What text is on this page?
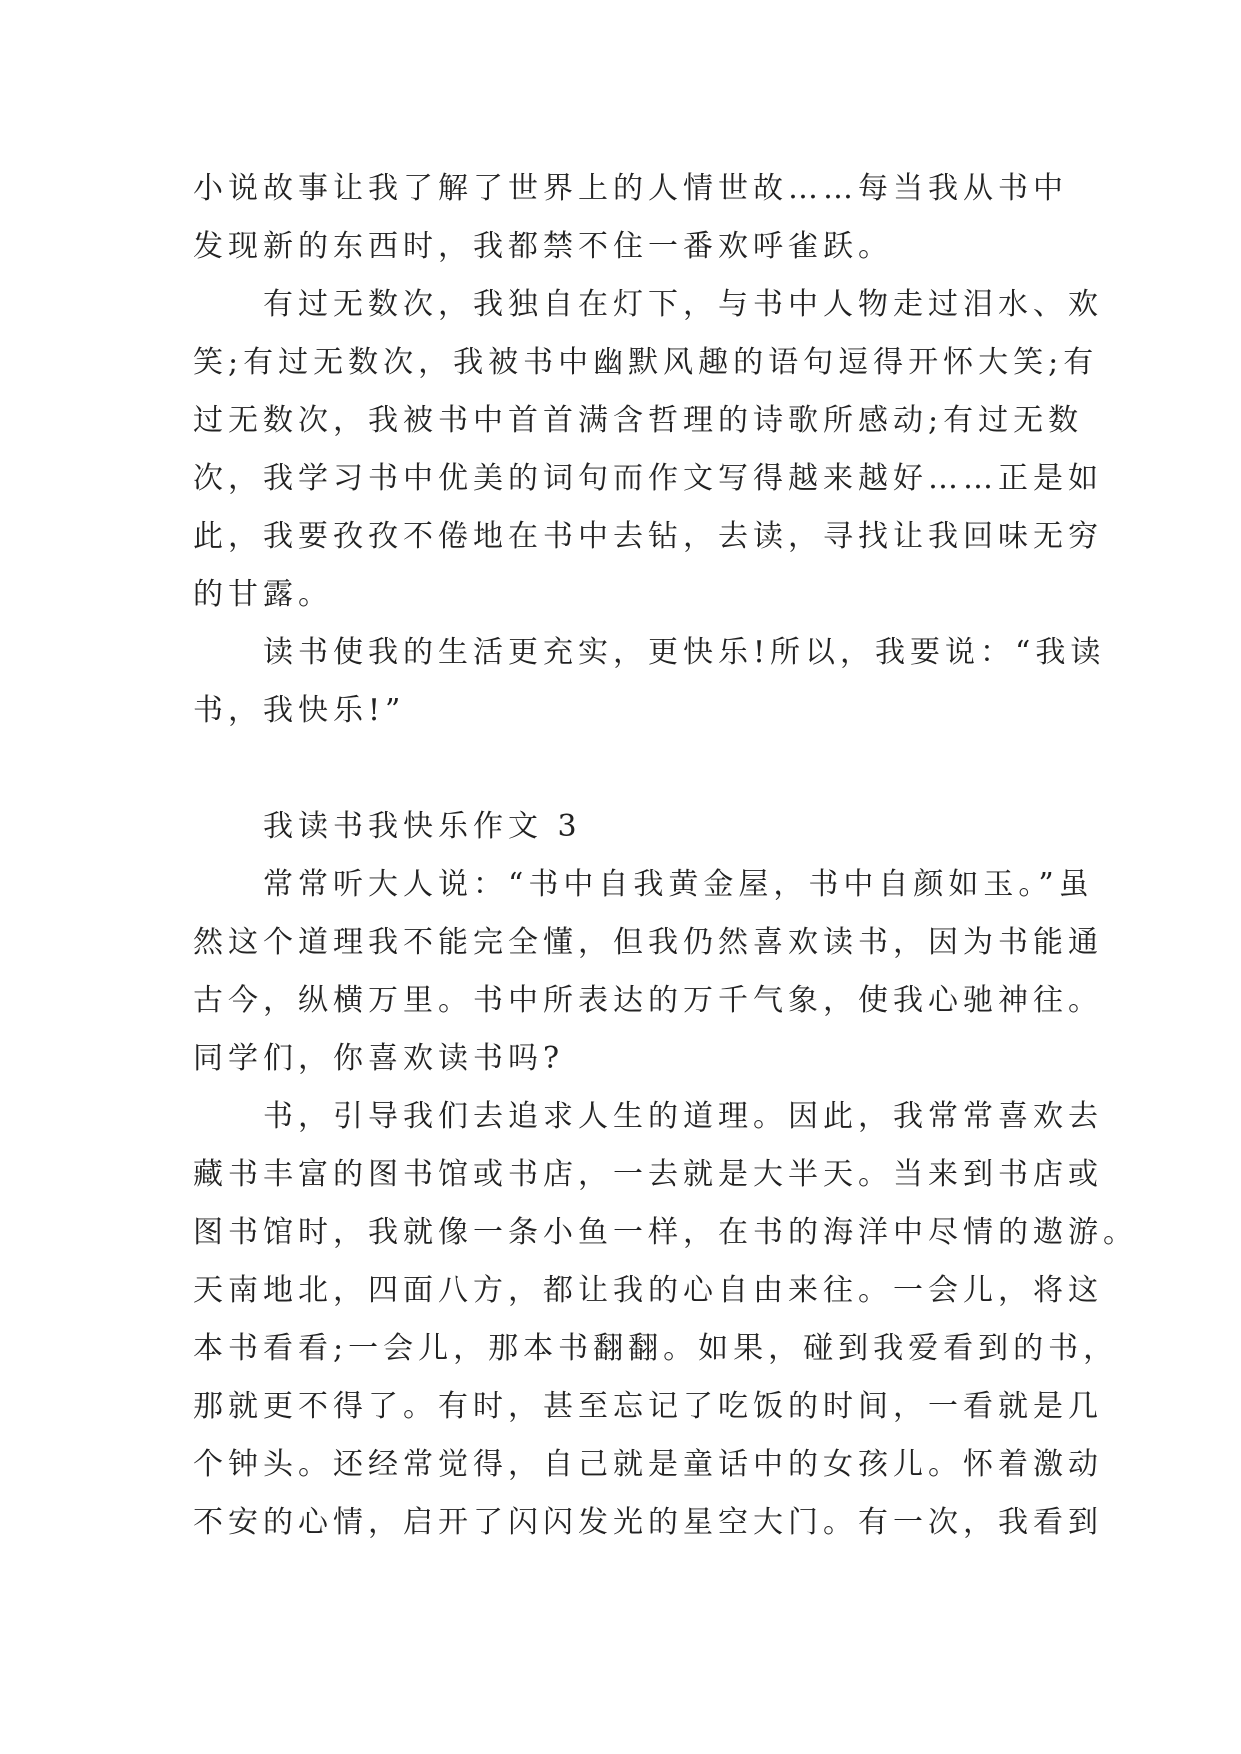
小说故事让我了解了世界上的人情世故……每当我从书中
发现新的东西时，我都禁不住一番欢呼雀跃。
　　有过无数次，我独自在灯下，与书中人物走过泪水、欢
笑;有过无数次，我被书中幽默风趣的语句逗得开怀大笑;有
过无数次，我被书中首首满含哲理的诗歌所感动;有过无数
次，我学习书中优美的词句而作文写得越来越好……正是如
此，我要孜孜不倦地在书中去钻，去读，寻找让我回味无穷
的甘露。
　　读书使我的生活更充实，更快乐!所以，我要说：“我读
书，我快乐!”
　　我读书我快乐作文 3
　　常常听大人说：“书中自我黄金屋，书中自颜如玉。”虽
然这个道理我不能完全懂，但我仍然喜欢读书，因为书能通
古今，纵横万里。书中所表达的万千气象，使我心驰神往。
同学们，你喜欢读书吗?
　　书，引导我们去追求人生的道理。因此，我常常喜欢去
藏书丰富的图书馆或书店，一去就是大半天。当来到书店或
图书馆时，我就像一条小鱼一样，在书的海洋中尽情的遨游。
天南地北，四面八方，都让我的心自由来往。一会儿，将这
本书看看;一会儿，那本书翻翻。如果，碰到我爱看到的书，
那就更不得了。有时，甚至忘记了吃饭的时间，一看就是几
个钟头。还经常觉得，自己就是童话中的女孩儿。怀着激动
不安的心情，启开了闪闪发光的星空大门。有一次，我看到
